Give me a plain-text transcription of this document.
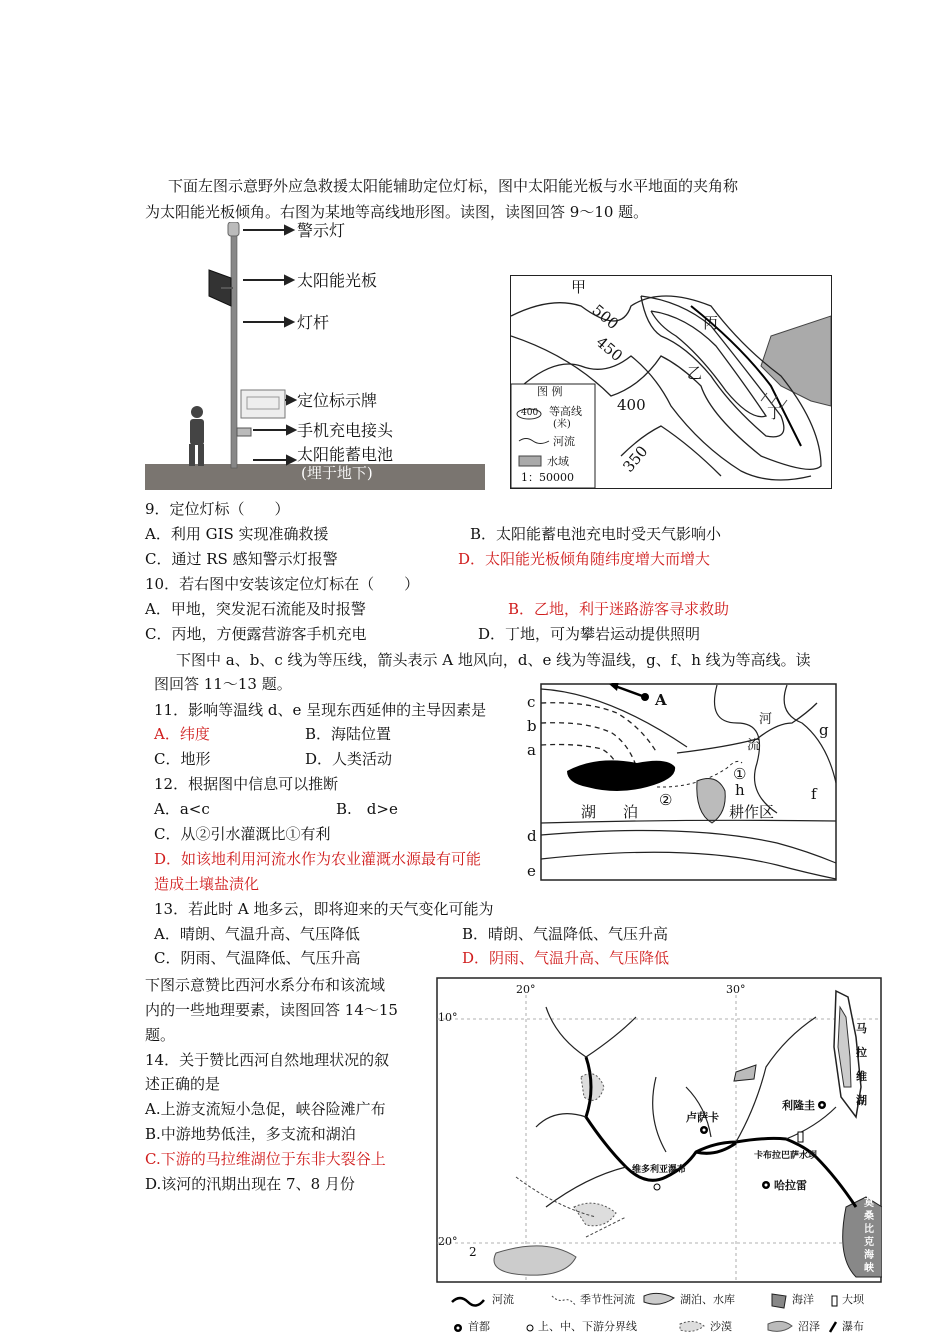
下面左图示意野外应急救援太阳能辅助定位灯标，图中太阳能光板与水平地面的夹角称
为太阳能光板倾角。右图为某地等高线地形图。读图，读图回答 9～10 题。
警示灯
太阳能光板
灯杆
定位标示牌
手机充电接头
太阳能蓄电池
(埋于地下)
甲
丙
乙
丁
500
450
400
350
图 例
400 等高线
(米)
河流
水域
1：50000
9．定位灯标（　　）
A．利用 GIS 实现准确救援	B．太阳能蓄电池充电时受天气影响小
C．通过 RS 感知警示灯报警	D．太阳能光板倾角随纬度增大而增大
10．若右图中安装该定位灯标在（　　）
A．甲地，突发泥石流能及时报警	B．乙地，利于迷路游客寻求救助
C．丙地，方便露营游客手机充电	D．丁地，可为攀岩运动提供照明
下图中 a、b、c 线为等压线，箭头表示 A 地风向，d、e 线为等温线，g、f、h 线为等高线。读
图回答 11～13 题。
c
b
a
d
e
g
f
h
A
河
流
湖 泊	耕作区
①
②
11．影响等温线 d、e 呈现东西延伸的主导因素是
A．纬度	B．海陆位置
C．地形	D．人类活动
12．根据图中信息可以推断
A．a<c	B.　d>e
C．从②引水灌溉比①有利
D．如该地利用河流水作为农业灌溉水源最有可能
造成土壤盐渍化
13．若此时 A 地多云，即将迎来的天气变化可能为
A．晴朗、气温升高、气压降低	B．晴朗、气温降低、气压升高
C．阴雨、气温降低、气压升高	D．阴雨、气温升高、气压降低
下图示意赞比西河水系分布和该流域
内的一些地理要素，读图回答 14～15
题。
14．关于赞比西河自然地理状况的叙
述正确的是
A.上游支流短小急促，峡谷险滩广布
B.中游地势低洼，多支流和湖泊
C.下游的马拉维湖位于东非大裂谷上
D.该河的汛期出现在 7、8 月份
20°	30°
10°
20°
卢萨卡
利隆圭
哈拉雷
维多利亚瀑布
卡布拉巴萨水坝
马
拉
维
湖
莫
桑
比
克
海
峡
2
河流	季节性河流	湖泊、水库	海洋	大坝
首都	上、中、下游分界线	沙漠	沼泽 瀑布
